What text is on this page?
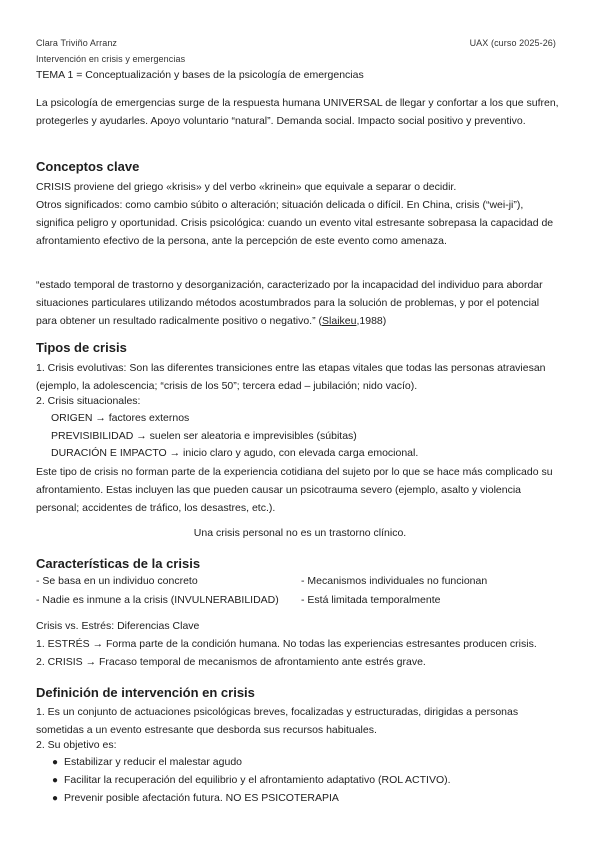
Clara Triviño Arranz	UAX (curso 2025-26)
Intervención en crisis y emergencias
TEMA 1 = Conceptualización y bases de la psicología de emergencias
La psicología de emergencias surge de la respuesta humana UNIVERSAL de llegar y confortar a los que sufren, protegerles y ayudarles. Apoyo voluntario “natural”. Demanda social. Impacto social positivo y preventivo.
Conceptos clave
CRISIS proviene del griego «krisis» y del verbo «krinein» que equivale a separar o decidir.
Otros significados: como cambio súbito o alteración; situación delicada o difícil. En China, crisis (“wei-ji”), significa peligro y oportunidad. Crisis psicológica: cuando un evento vital estresante sobrepasa la capacidad de afrontamiento efectivo de la persona, ante la percepción de este evento como amenaza.
“estado temporal de trastorno y desorganización, caracterizado por la incapacidad del individuo para abordar situaciones particulares utilizando métodos acostumbrados para la solución de problemas, y por el potencial para obtener un resultado radicalmente positivo o negativo.” (Slaikeu,1988)
Tipos de crisis
1. Crisis evolutivas: Son las diferentes transiciones entre las etapas vitales que todas las personas atraviesan (ejemplo, la adolescencia; “crisis de los 50”; tercera edad – jubilación; nido vacío).
2. Crisis situacionales:
ORIGEN → factores externos
PREVISIBILIDAD → suelen ser aleatoria e imprevisibles (súbitas)
DURACIÓN E IMPACTO → inicio claro y agudo, con elevada carga emocional.
Este tipo de crisis no forman parte de la experiencia cotidiana del sujeto por lo que se hace más complicado su afrontamiento. Estas incluyen las que pueden causar un psicotrauma severo (ejemplo, asalto y violencia personal; accidentes de tráfico, los desastres, etc.).
Una crisis personal no es un trastorno clínico.
Características de la crisis
- Se basa en un individuo concreto
- Nadie es inmune a la crisis (INVULNERABILIDAD)
- Mecanismos individuales no funcionan
- Está limitada temporalmente
Crisis vs. Estrés: Diferencias Clave
1. ESTRÉS → Forma parte de la condición humana. No todas las experiencias estresantes producen crisis.
2. CRISIS → Fracaso temporal de mecanismos de afrontamiento ante estrés grave.
Definición de intervención en crisis
1. Es un conjunto de actuaciones psicológicas breves, focalizadas y estructuradas, dirigidas a personas sometidas a un evento estresante que desborda sus recursos habituales.
2. Su objetivo es:
● Estabilizar y reducir el malestar agudo
● Facilitar la recuperación del equilibrio y el afrontamiento adaptativo (ROL ACTIVO).
● Prevenir posible afectación futura. NO ES PSICOTERAPIA
